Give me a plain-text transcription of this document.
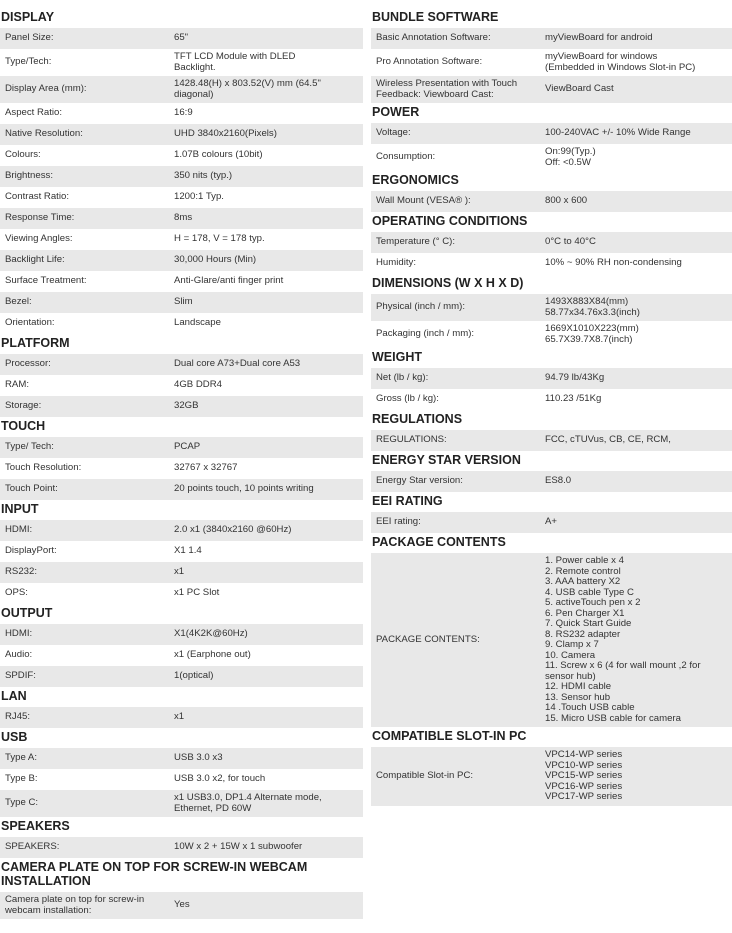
DISPLAY
Panel Size:	65"
Type/Tech:	TFT LCD Module with DLED
Backlight.
Display Area (mm):	1428.48(H) x 803.52(V) mm (64.5"
diagonal)
Aspect Ratio:	16:9
Native Resolution:	UHD 3840x2160(Pixels)
Colours:	1.07B colours (10bit)
Brightness:	350 nits (typ.)
Contrast Ratio:	1200:1 Typ.
Response Time:	8ms
Viewing Angles:	H = 178, V = 178 typ.
Backlight Life:	30,000 Hours (Min)
Surface Treatment:	Anti-Glare/anti finger print
Bezel:	Slim
Orientation:	Landscape
PLATFORM
Processor:	Dual core A73+Dual core A53
RAM:	4GB DDR4
Storage:	32GB
TOUCH
Type/ Tech:	PCAP
Touch Resolution:	32767 x 32767
Touch Point:	20 points touch, 10 points writing
INPUT
HDMI:	2.0 x1 (3840x2160 @60Hz)
DisplayPort:	X1 1.4
RS232:	x1
OPS:	x1 PC Slot
OUTPUT
HDMI:	X1(4K2K@60Hz)
Audio:	x1 (Earphone out)
SPDIF:	1(optical)
LAN
RJ45:	x1
USB
Type A:	USB 3.0 x3
Type B:	USB 3.0 x2, for touch
Type C:	x1 USB3.0, DP1.4 Alternate mode,
Ethernet, PD 60W
SPEAKERS
SPEAKERS:	10W x 2 + 15W x 1 subwoofer
CAMERA PLATE ON TOP FOR SCREW-IN WEBCAM INSTALLATION
Camera plate on top for screw-in
webcam installation:	Yes
BUNDLE SOFTWARE
Basic Annotation Software:	myViewBoard for android
Pro Annotation Software:	myViewBoard for windows
(Embedded in Windows Slot-in PC)
Wireless Presentation with Touch
Feedback: Viewboard Cast:	ViewBoard Cast
POWER
Voltage:	100-240VAC +/- 10% Wide Range
Consumption:	On:99(Typ.)
Off: <0.5W
ERGONOMICS
Wall Mount (VESA® ):	800 x 600
OPERATING CONDITIONS
Temperature (° C):	0°C to 40°C
Humidity:	10% ~ 90% RH non-condensing
DIMENSIONS (W X H X D)
Physical (inch / mm):	1493X883X84(mm)
58.77x34.76x3.3(inch)
Packaging (inch / mm):	1669X1010X223(mm)
65.7X39.7X8.7(inch)
WEIGHT
Net (lb / kg):	94.79 lb/43Kg
Gross (lb / kg):	110.23 /51Kg
REGULATIONS
REGULATIONS:	FCC, cTUVus, CB, CE, RCM,
ENERGY STAR VERSION
Energy Star version:	ES8.0
EEI RATING
EEI rating:	A+
PACKAGE CONTENTS
PACKAGE CONTENTS:
1. Power cable x 4
2. Remote control
3. AAA battery X2
4. USB cable Type C
5. activeTouch pen x 2
6. Pen Charger X1
7. Quick Start Guide
8. RS232 adapter
9. Clamp x 7
10. Camera
11. Screw x 6 (4 for wall mount ,2 for
sensor hub)
12. HDMI cable
13. Sensor hub
14 .Touch USB cable
15. Micro USB cable for camera
COMPATIBLE SLOT-IN PC
Compatible Slot-in PC:
VPC14-WP series
VPC10-WP series
VPC15-WP series
VPC16-WP series
VPC17-WP series
